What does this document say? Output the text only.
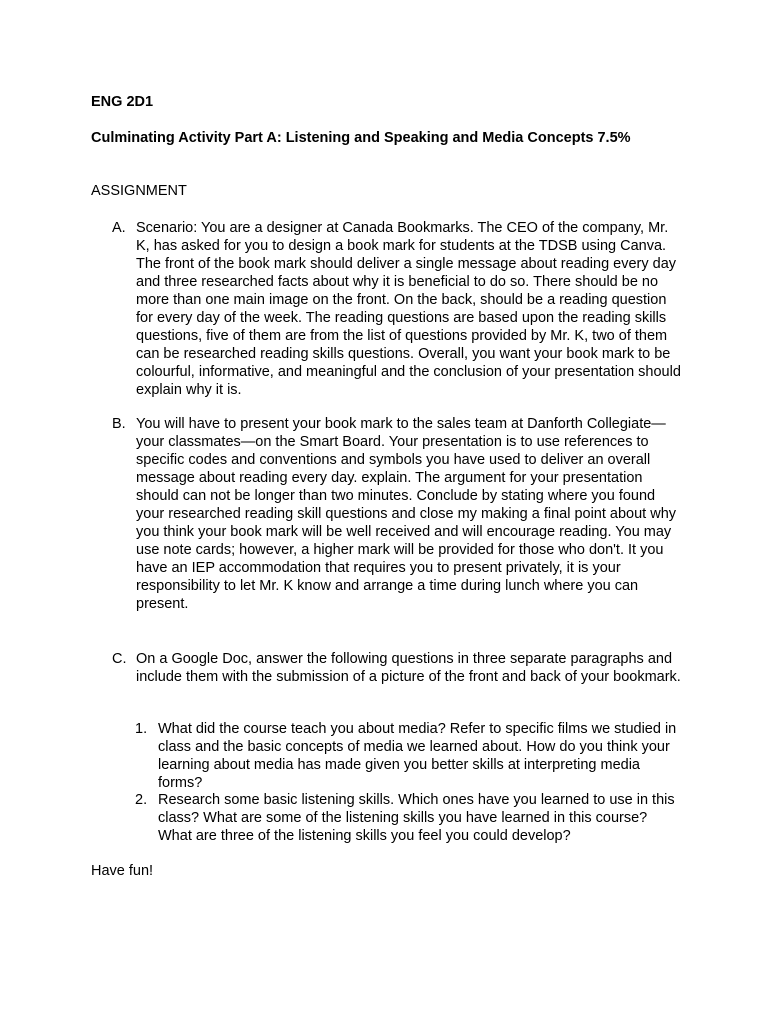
ENG 2D1
Culminating Activity Part A: Listening and Speaking and Media Concepts 7.5%
ASSIGNMENT
A. Scenario: You are a designer at Canada Bookmarks. The CEO of the company, Mr. K, has asked for you to design a book mark for students at the TDSB using Canva. The front of the book mark should deliver a single message about reading every day and three researched facts about why it is beneficial to do so. There should be no more than one main image on the front. On the back, should be a reading question for every day of the week. The reading questions are based upon the reading skills questions, five of them are from the list of questions provided by Mr. K, two of them can be researched reading skills questions. Overall, you want your book mark to be colourful, informative, and meaningful and the conclusion of your presentation should explain why it is.
B. You will have to present your book mark to the sales team at Danforth Collegiate—your classmates—on the Smart Board. Your presentation is to use references to specific codes and conventions and symbols you have used to deliver an overall message about reading every day. explain. The argument for your presentation should can not be longer than two minutes. Conclude by stating where you found your researched reading skill questions and close my making a final point about why you think your book mark will be well received and will encourage reading. You may use note cards; however, a higher mark will be provided for those who don't. It you have an IEP accommodation that requires you to present privately, it is your responsibility to let Mr. K know and arrange a time during lunch where you can present.
C. On a Google Doc, answer the following questions in three separate paragraphs and include them with the submission of a picture of the front and back of your bookmark.
1. What did the course teach you about media? Refer to specific films we studied in class and the basic concepts of media we learned about. How do you think your learning about media has made given you better skills at interpreting media forms?
2. Research some basic listening skills. Which ones have you learned to use in this class? What are some of the listening skills you have learned in this course? What are three of the listening skills you feel you could develop?
Have fun!
